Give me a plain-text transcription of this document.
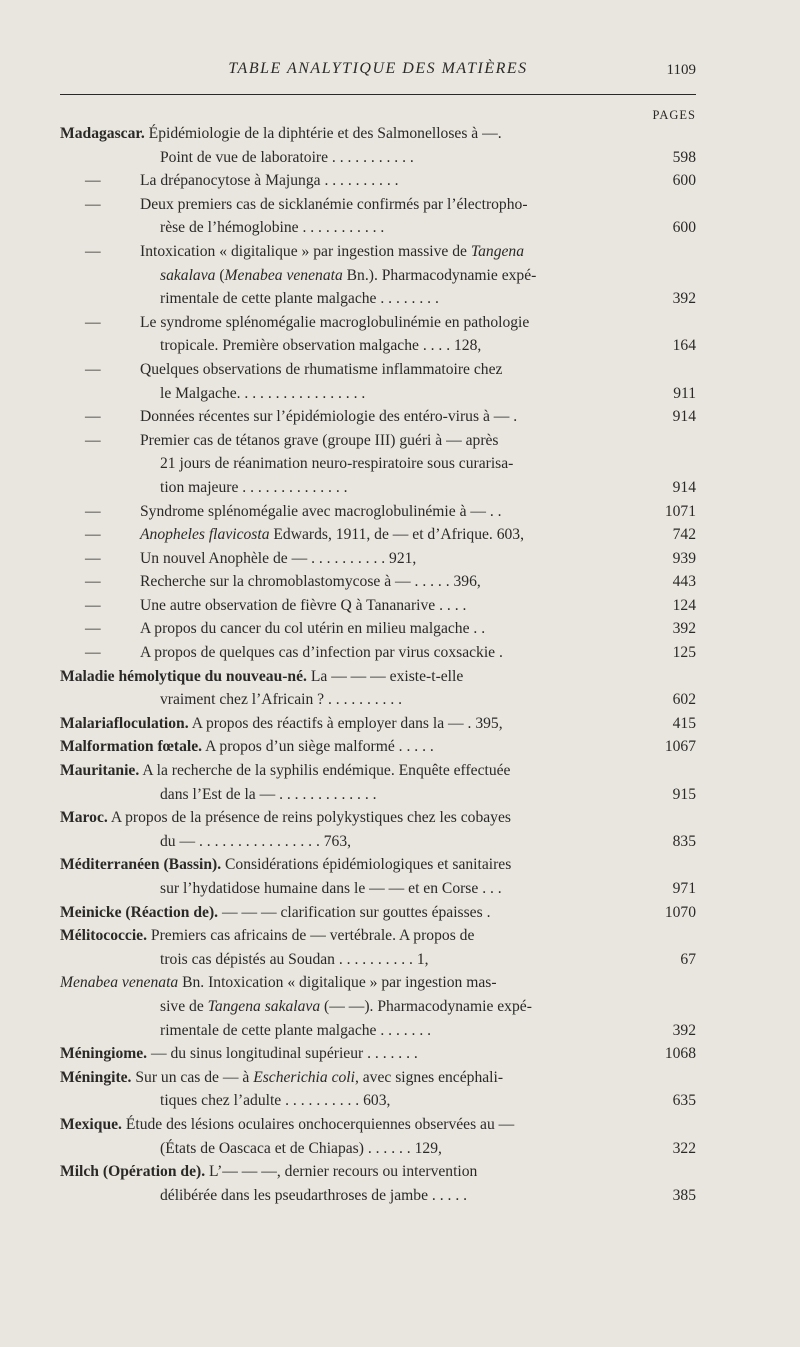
TABLE ANALYTIQUE DES MATIÈRES	1109
PAGES
Madagascar. Épidémiologie de la diphtérie et des Salmonelloses à —.
Point de vue de laboratoire . . . . . . . . . . .	598
—	La drépanocytose à Majunga . . . . . . . . . .	600
—	Deux premiers cas de sicklanémie confirmés par l’électropho-
rèse de l’hémoglobine . . . . . . . . . . .	600
—	Intoxication « digitalique » par ingestion massive de Tangena
sakalava (Menabea venenata Bn.). Pharmacodynamie expé-
rimentale de cette plante malgache . . . . . . . .	392
—	Le syndrome splénomégalie macroglobulinémie en pathologie
tropicale. Première observation malgache . . . . 128,	164
—	Quelques observations de rhumatisme inflammatoire chez
le Malgache. . . . . . . . . . . . . . . . .	911
—	Données récentes sur l’épidémiologie des entéro-virus à — .	914
—	Premier cas de tétanos grave (groupe III) guéri à — après
21 jours de réanimation neuro-respiratoire sous curarisa-
tion majeure . . . . . . . . . . . . . .	914
—	Syndrome splénomégalie avec macroglobulinémie à — . .	1071
—	Anopheles flavicosta Edwards, 1911, de — et d’Afrique. 603,	742
—	Un nouvel Anophèle de — . . . . . . . . . . 921,	939
—	Recherche sur la chromoblastomycose à — . . . . . 396,	443
—	Une autre observation de fièvre Q à Tananarive . . . .	124
—	A propos du cancer du col utérin en milieu malgache . .	392
—	A propos de quelques cas d’infection par virus coxsackie .	125
Maladie hémolytique du nouveau-né. La — — — existe-t-elle
vraiment chez l’Africain ? . . . . . . . . . .	602
Malariafloculation. A propos des réactifs à employer dans la — . 395,	415
Malformation fœtale. A propos d’un siège malformé . . . . .	1067
Mauritanie. A la recherche de la syphilis endémique. Enquête effectuée
dans l’Est de la — . . . . . . . . . . . . .	915
Maroc. A propos de la présence de reins polykystiques chez les cobayes
du — . . . . . . . . . . . . . . . . 763,	835
Méditerranéen (Bassin). Considérations épidémiologiques et sanitaires
sur l’hydatidose humaine dans le — — et en Corse . . .	971
Meinicke (Réaction de). — — — clarification sur gouttes épaisses .	1070
Mélitococcie. Premiers cas africains de — vertébrale. A propos de
trois cas dépistés au Soudan . . . . . . . . . . 1,	67
Menabea venenata Bn. Intoxication « digitalique » par ingestion mas-
sive de Tangena sakalava (— —). Pharmacodynamie expé-
rimentale de cette plante malgache . . . . . . .	392
Méningiome. — du sinus longitudinal supérieur . . . . . . .	1068
Méningite. Sur un cas de — à Escherichia coli, avec signes encéphali-
tiques chez l’adulte . . . . . . . . . . 603,	635
Mexique. Étude des lésions oculaires onchocerquiennes observées au —
(États de Oascaca et de Chiapas) . . . . . . 129,	322
Milch (Opération de). L’— — —, dernier recours ou intervention
délibérée dans les pseudarthroses de jambe . . . . .	385
